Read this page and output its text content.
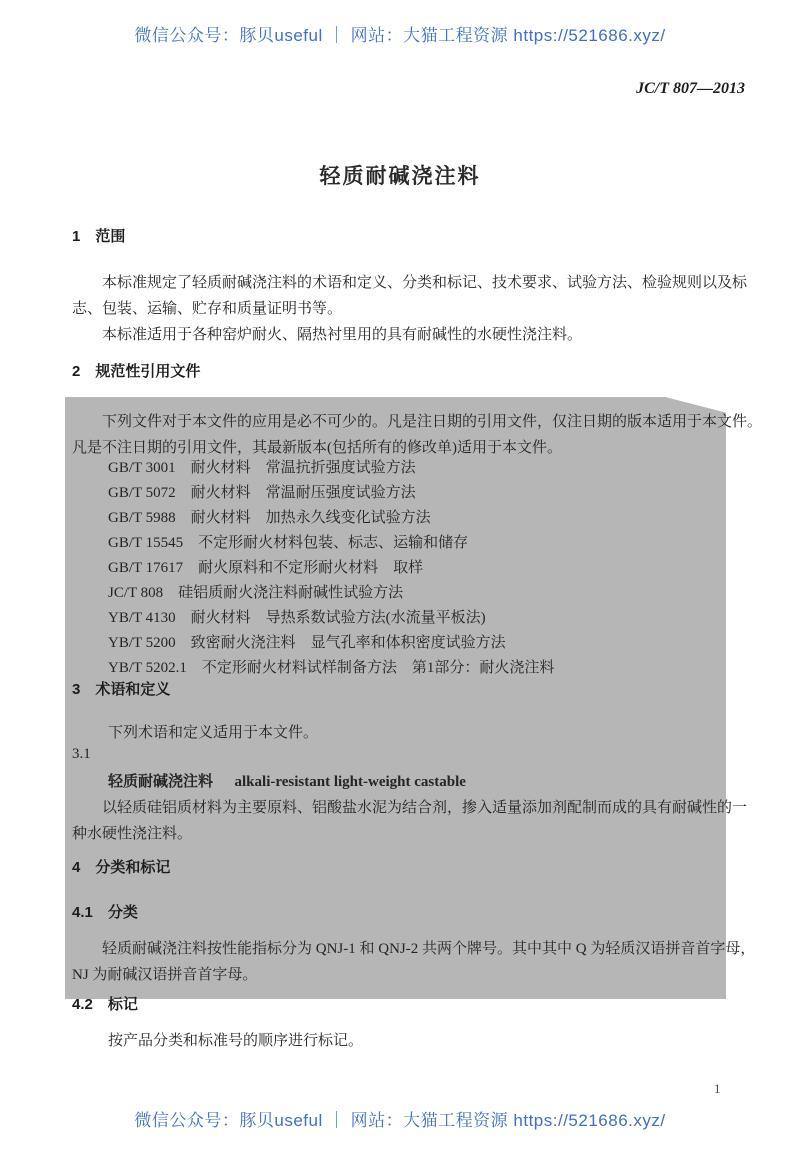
微信公众号：豚贝useful ｜ 网站：大猫工程资源 https://521686.xyz/
JC/T 807—2013
轻质耐碱浇注料
1　范围
本标准规定了轻质耐碱浇注料的术语和定义、分类和标记、技术要求、试验方法、检验规则以及标
志、包装、运输、贮存和质量证明书等。
本标准适用于各种窑炉耐火、隔热衬里用的具有耐碱性的水硬性浇注料。
2　规范性引用文件
下列文件对于本文件的应用是必不可少的。凡是注日期的引用文件，仅注日期的版本适用于本文件。
凡是不注日期的引用文件，其最新版本(包括所有的修改单)适用于本文件。
GB/T 3001　耐火材料　常温抗折强度试验方法
GB/T 5072　耐火材料　常温耐压强度试验方法
GB/T 5988　耐火材料　加热永久线变化试验方法
GB/T 15545　不定形耐火材料包装、标志、运输和储存
GB/T 17617　耐火原料和不定形耐火材料　取样
JC/T 808　硅铝质耐火浇注料耐碱性试验方法
YB/T 4130　耐火材料　导热系数试验方法(水流量平板法)
YB/T 5200　致密耐火浇注料　显气孔率和体积密度试验方法
YB/T 5202.1　不定形耐火材料试样制备方法　第1部分：耐火浇注料
3　术语和定义
下列术语和定义适用于本文件。
3.1
轻质耐碱浇注料 alkali-resistant light-weight castable
以轻质硅铝质材料为主要原料、铝酸盐水泥为结合剂，掺入适量添加剂配制而成的具有耐碱性的一
种水硬性浇注料。
4　分类和标记
4.1　分类
轻质耐碱浇注料按性能指标分为 QNJ-1 和 QNJ-2 共两个牌号。其中其中 Q 为轻质汉语拼音首字母，
NJ 为耐碱汉语拼音首字母。
4.2　标记
按产品分类和标准号的顺序进行标记。
1
微信公众号：豚贝useful ｜ 网站：大猫工程资源 https://521686.xyz/
